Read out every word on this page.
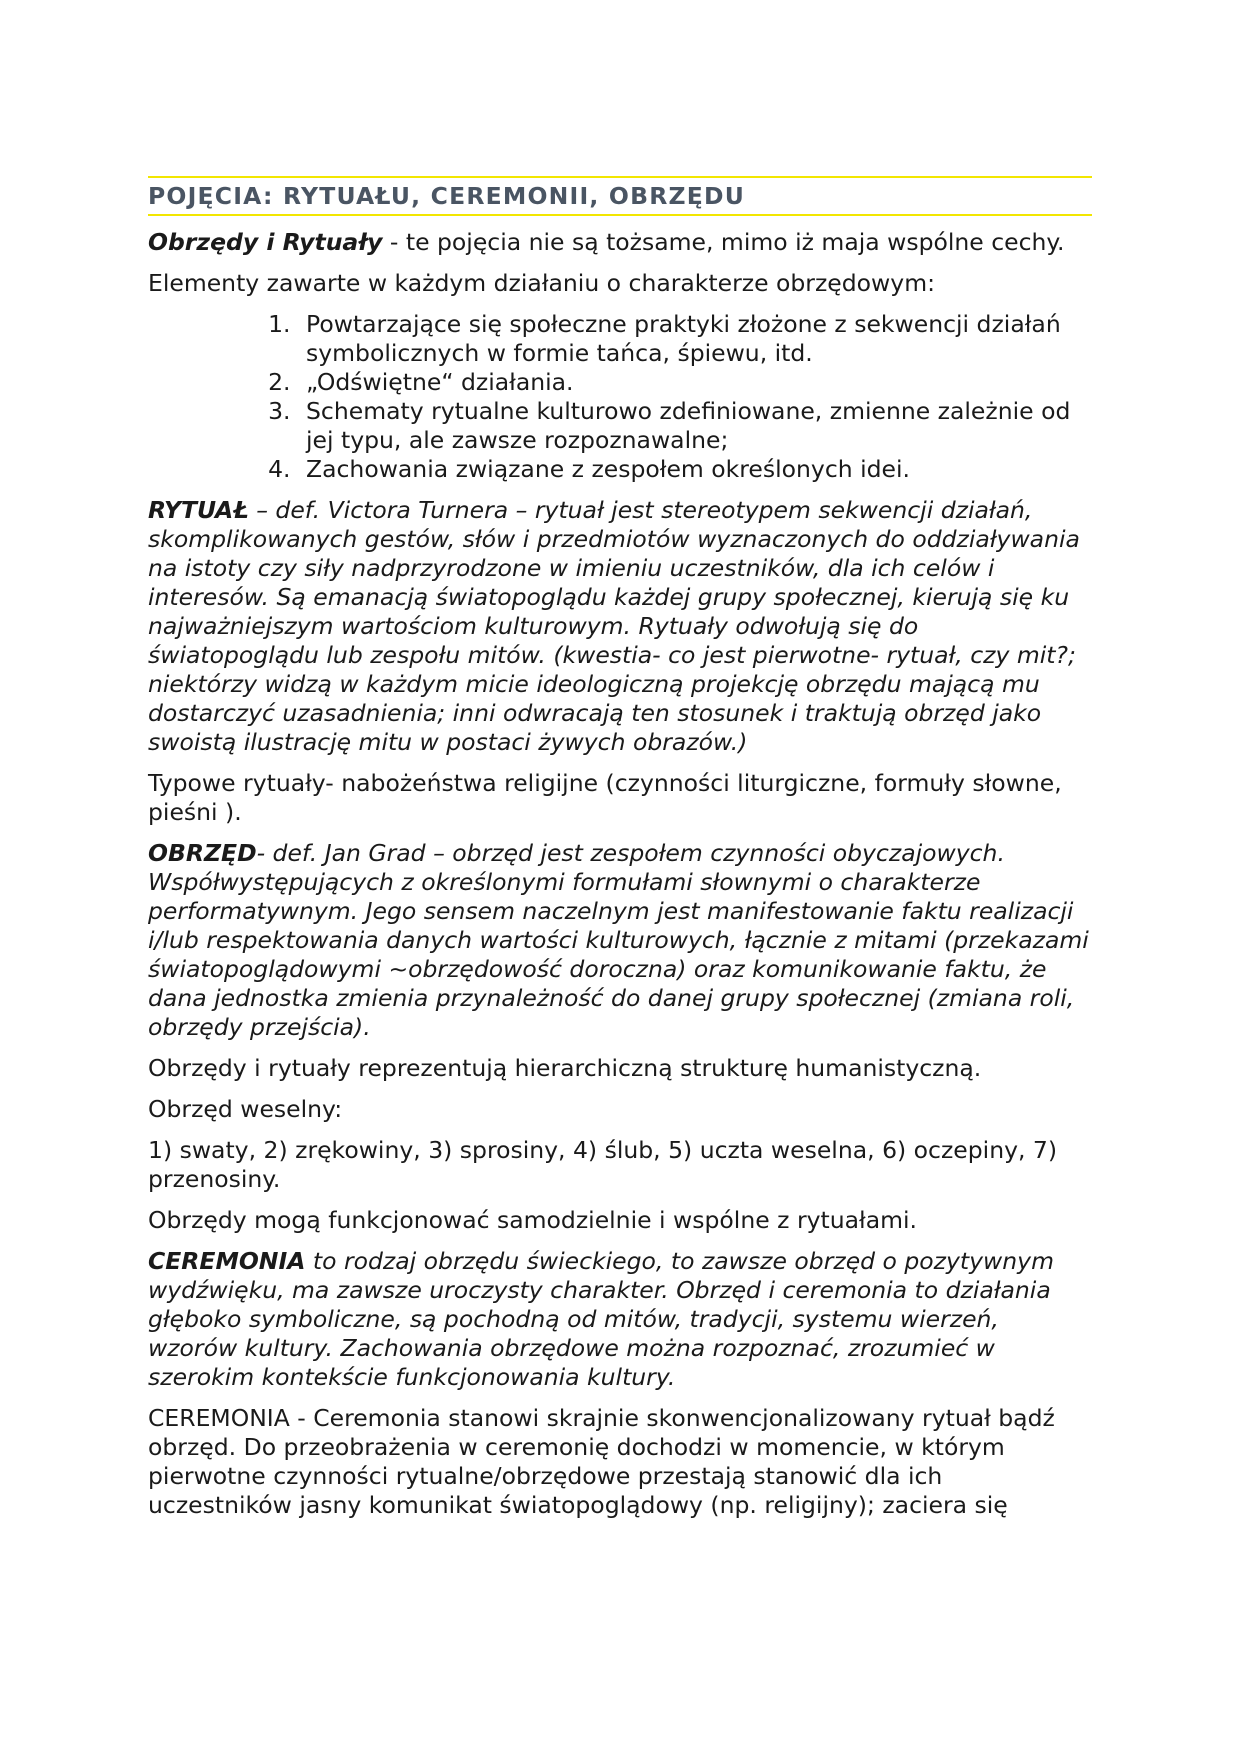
POJĘCIA: RYTUAŁU, CEREMONII, OBRZĘDU

Obrzędy i Rytuały - te pojęcia nie są tożsame, mimo iż maja wspólne cechy.

Elementy zawarte w każdym działaniu o charakterze obrzędowym:

1. Powtarzające się społeczne praktyki złożone z sekwencji działań symbolicznych w formie tańca, śpiewu, itd.
2. „Odświętne“ działania.
3. Schematy rytualne kulturowo zdefiniowane, zmienne zależnie od jej typu, ale zawsze rozpoznawalne;
4. Zachowania związane z zespołem określonych idei.

RYTUAŁ – def. Victora Turnera – rytuał jest stereotypem sekwencji działań, skomplikowanych gestów, słów i przedmiotów wyznaczonych do oddziaływania na istoty czy siły nadprzyrodzone w imieniu uczestników, dla ich celów i interesów. Są emanacją światopoglądu każdej grupy społecznej, kierują się ku najważniejszym wartościom kulturowym. Rytuały odwołują się do światopoglądu lub zespołu mitów. (kwestia- co jest pierwotne- rytuał, czy mit?; niektórzy widzą w każdym micie ideologiczną projekcję obrzędu mającą mu dostarczyć uzasadnienia; inni odwracają ten stosunek i traktują obrzęd jako swoistą ilustrację mitu w postaci żywych obrazów.)

Typowe rytuały- nabożeństwa religijne (czynności liturgiczne, formuły słowne, pieśni ).

OBRZĘD- def. Jan Grad – obrzęd jest zespołem czynności obyczajowych. Współwystępujących z określonymi formułami słownymi o charakterze performatywnym. Jego sensem naczelnym jest manifestowanie faktu realizacji i/lub respektowania danych wartości kulturowych, łącznie z mitami (przekazami światopoglądowymi ~obrzędowość doroczna) oraz komunikowanie faktu, że dana jednostka zmienia przynależność do danej grupy społecznej (zmiana roli, obrzędy przejścia).

Obrzędy i rytuały reprezentują hierarchiczną strukturę humanistyczną.

Obrzęd weselny:

1) swaty, 2) zrękowiny, 3) sprosiny, 4) ślub, 5) uczta weselna, 6) oczepiny, 7) przenosiny.

Obrzędy mogą funkcjonować samodzielnie i wspólne z rytuałami.

CEREMONIA to rodzaj obrzędu świeckiego, to zawsze obrzęd o pozytywnym wydźwięku, ma zawsze uroczysty charakter. Obrzęd i ceremonia to działania głęboko symboliczne, są pochodną od mitów, tradycji, systemu wierzeń, wzorów kultury. Zachowania obrzędowe można rozpoznać, zrozumieć w szerokim kontekście funkcjonowania kultury.

CEREMONIA - Ceremonia stanowi skrajnie skonwencjonalizowany rytuał bądź obrzęd. Do przeobrażenia w ceremonię dochodzi w momencie, w którym pierwotne czynności rytualne/obrzędowe przestają stanowić dla ich uczestników jasny komunikat światopoglądowy (np. religijny); zaciera się
